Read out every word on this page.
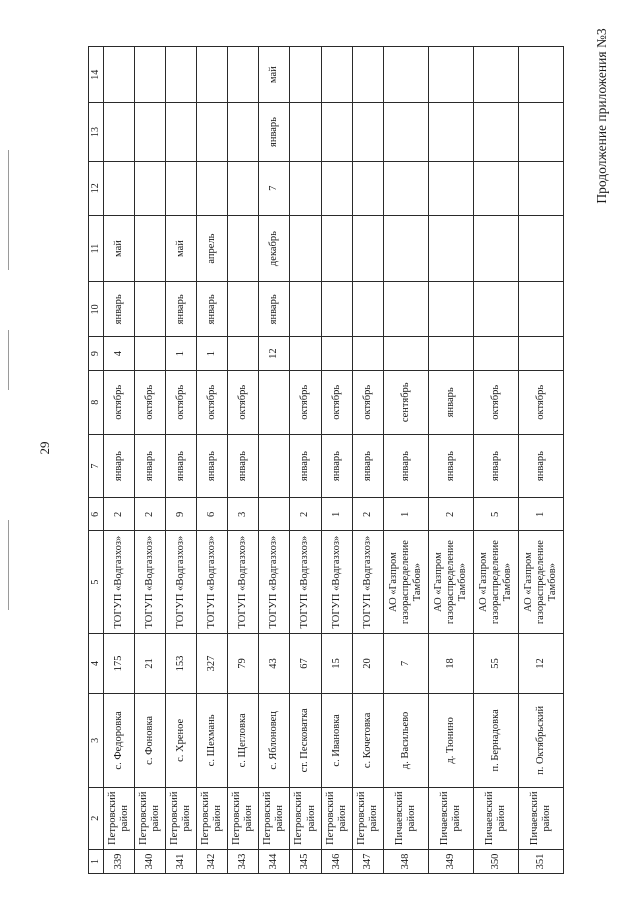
29
Продолжение приложения №3
1	2	3	4	5	6	7	8	9	10	11	12	13	14
339	Петровский район	с. Федоровка	175	ТОГУП «Водгазхоз»	2	январь	октябрь	4	январь	май			
340	Петровский район	с. Фоновка	21	ТОГУП «Водгазхоз»	2	январь	октябрь						
341	Петровский район	с. Хреное	153	ТОГУП «Водгазхоз»	9	январь	октябрь	1	январь	май			
342	Петровский район	с. Шехмань	327	ТОГУП «Водгазхоз»	6	январь	октябрь	1	январь	апрель			
343	Петровский район	с. Щегловка	79	ТОГУП «Водгазхоз»	3	январь	октябрь						
344	Петровский район	с. Яблоновец	43	ТОГУП «Водгазхоз»				12	январь	декабрь	7	январь	май
345	Петровский район	ст. Песковатка	67	ТОГУП «Водгазхоз»	2	январь	октябрь						
346	Петровский район	с. Ивановка	15	ТОГУП «Водгазхоз»	1	январь	октябрь						
347	Петровский район	с. Кочетовка	20	ТОГУП «Водгазхоз»	2	январь	октябрь						
348	Пичаевский район	д. Васильево	7	АО «Газпром газораспределение Тамбов»	1	январь	сентябрь						
349	Пичаевский район	д. Тюнино	18	АО «Газпром газораспределение Тамбов»	2	январь	январь						
350	Пичаевский район	п. Бернадовка	55	АО «Газпром газораспределение Тамбов»	5	январь	октябрь						
351	Пичаевский район	п. Октябрьский	12	АО «Газпром газораспределение Тамбов»	1	январь	октябрь						
